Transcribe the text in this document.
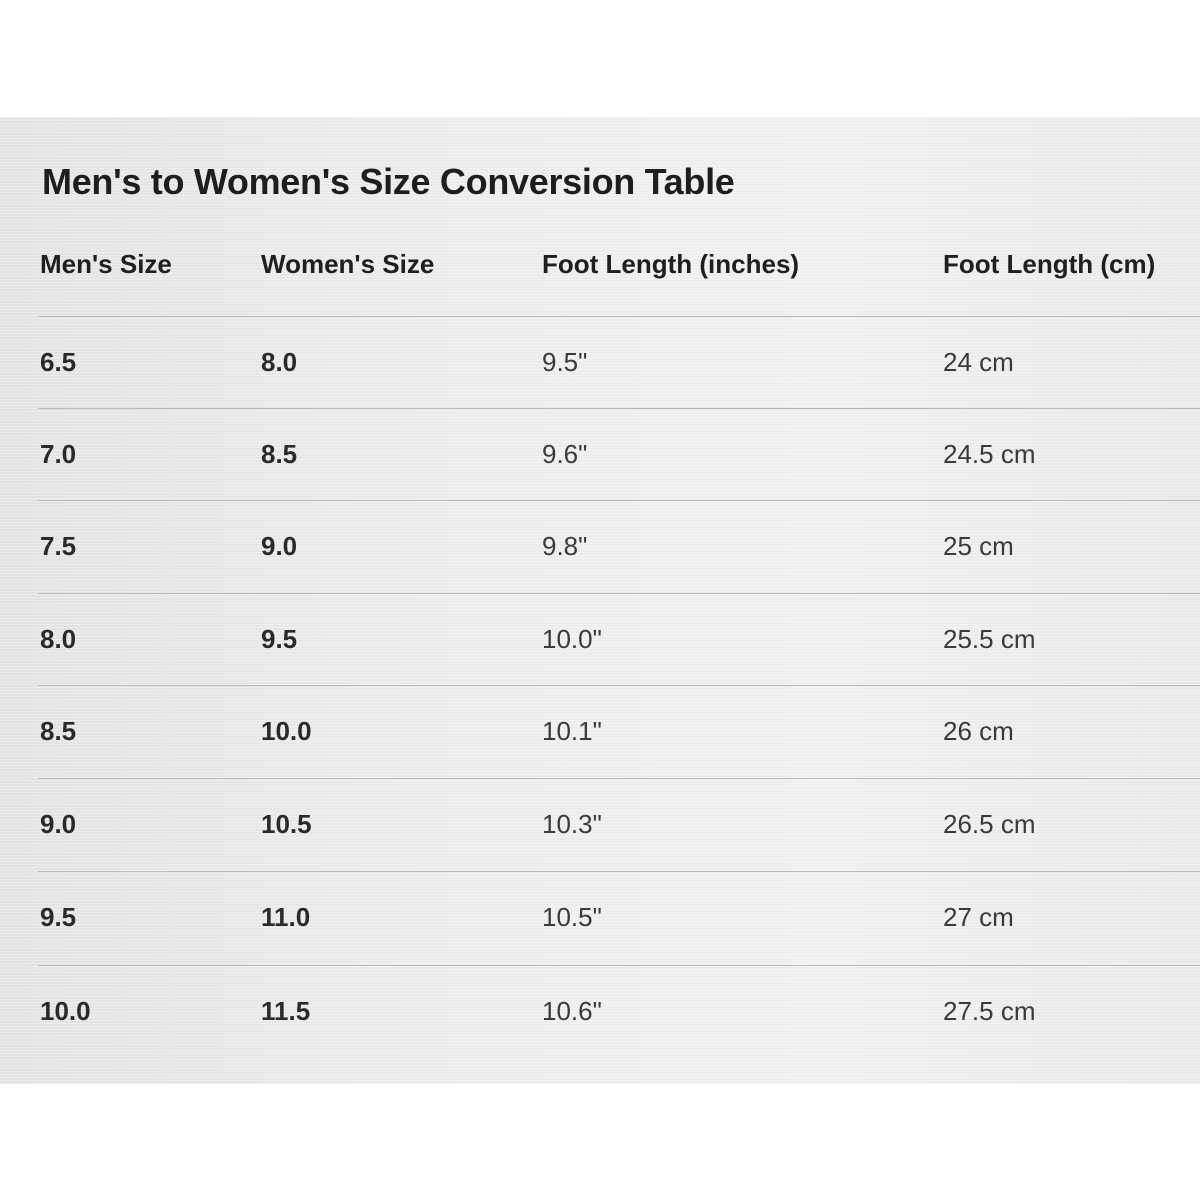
Men's to Women's Size Conversion Table
Men's Size	Women's Size	Foot Length (inches)	Foot Length (cm)
6.5	8.0	9.5"	24 cm
7.0	8.5	9.6"	24.5 cm
7.5	9.0	9.8"	25 cm
8.0	9.5	10.0"	25.5 cm
8.5	10.0	10.1"	26 cm
9.0	10.5	10.3"	26.5 cm
9.5	11.0	10.5"	27 cm
10.0	11.5	10.6"	27.5 cm
